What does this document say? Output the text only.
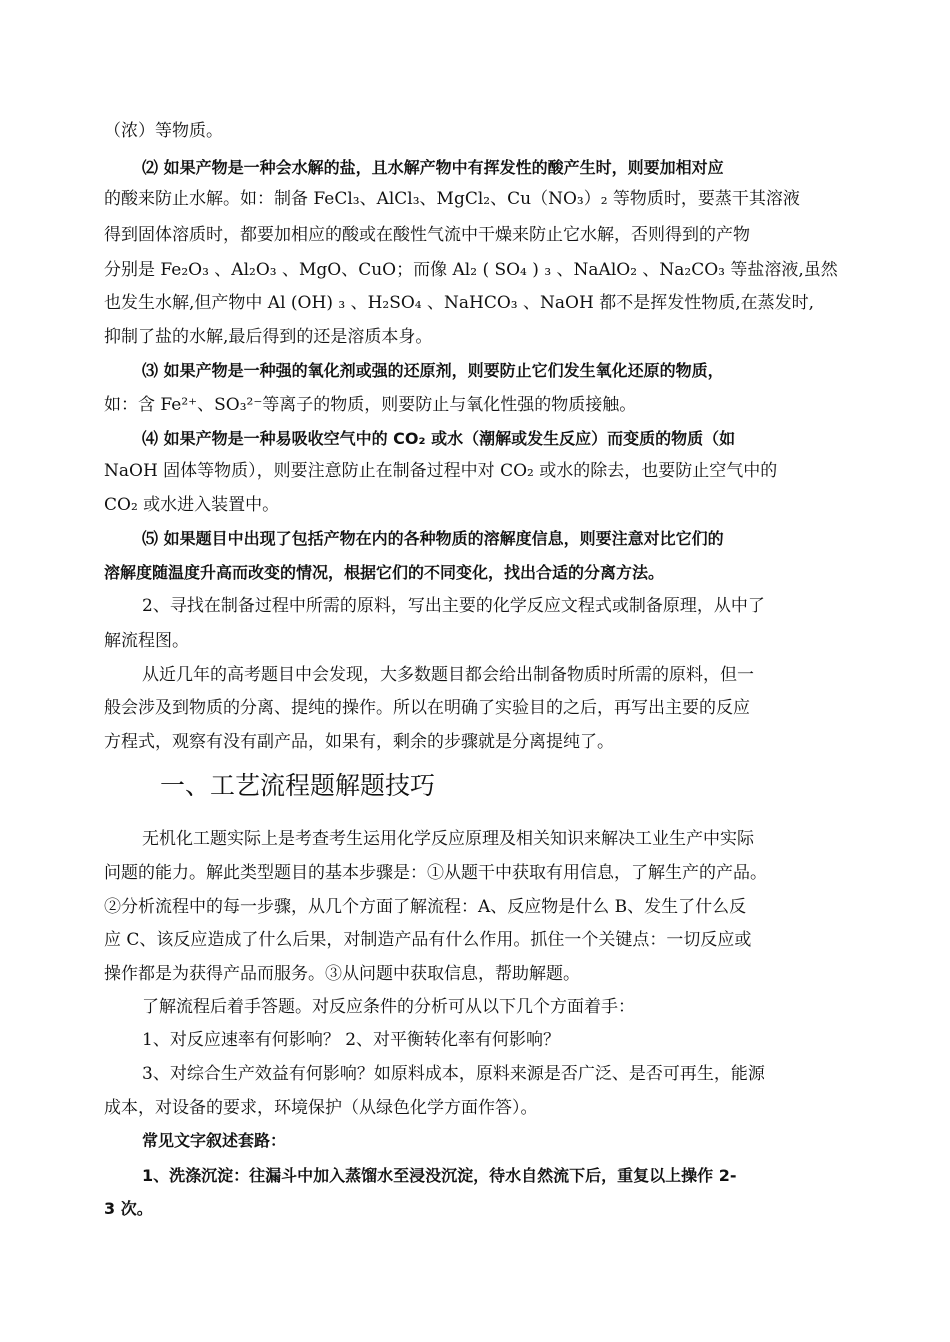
（浓）等物质。
⑵ 如果产物是一种会水解的盐，且水解产物中有挥发性的酸产生时，则要加相对应
的酸来防止水解。如：制备 FeCl₃、AlCl₃、MgCl₂、Cu（NO₃）₂ 等物质时，要蒸干其溶液
得到固体溶质时，都要加相应的酸或在酸性气流中干燥来防止它水解，否则得到的产物
分别是 Fe₂O₃ 、Al₂O₃ 、MgO、CuO；而像 Al₂ ( SO₄ ) ₃ 、NaAlO₂ 、Na₂CO₃ 等盐溶液,虽然
也发生水解,但产物中 Al (OH) ₃ 、H₂SO₄ 、NaHCO₃ 、NaOH 都不是挥发性物质,在蒸发时,
抑制了盐的水解,最后得到的还是溶质本身。
⑶ 如果产物是一种强的氧化剂或强的还原剂，则要防止它们发生氧化还原的物质，
如：含 Fe²⁺、SO₃²⁻等离子的物质，则要防止与氧化性强的物质接触。
⑷ 如果产物是一种易吸收空气中的 CO₂ 或水（潮解或发生反应）而变质的物质（如
NaOH 固体等物质），则要注意防止在制备过程中对 CO₂ 或水的除去，也要防止空气中的
CO₂ 或水进入装置中。
⑸ 如果题目中出现了包括产物在内的各种物质的溶解度信息，则要注意对比它们的
溶解度随温度升高而改变的情况，根据它们的不同变化，找出合适的分离方法。
2、寻找在制备过程中所需的原料，写出主要的化学反应文程式或制备原理，从中了
解流程图。
从近几年的高考题目中会发现，大多数题目都会给出制备物质时所需的原料，但一
般会涉及到物质的分离、提纯的操作。所以在明确了实验目的之后，再写出主要的反应
方程式，观察有没有副产品，如果有，剩余的步骤就是分离提纯了。
一、工艺流程题解题技巧
无机化工题实际上是考查考生运用化学反应原理及相关知识来解决工业生产中实际
问题的能力。解此类型题目的基本步骤是：①从题干中获取有用信息，了解生产的产品。
②分析流程中的每一步骤，从几个方面了解流程：A、反应物是什么 B、发生了什么反
应 C、该反应造成了什么后果，对制造产品有什么作用。抓住一个关键点：一切反应或
操作都是为获得产品而服务。③从问题中获取信息，帮助解题。
了解流程后着手答题。对反应条件的分析可从以下几个方面着手：
1、对反应速率有何影响？ 2、对平衡转化率有何影响？
3、对综合生产效益有何影响？如原料成本，原料来源是否广泛、是否可再生，能源
成本，对设备的要求，环境保护（从绿色化学方面作答）。
常见文字叙述套路：
1、洗涤沉淀：往漏斗中加入蒸馏水至浸没沉淀，待水自然流下后，重复以上操作 2-
3 次。
